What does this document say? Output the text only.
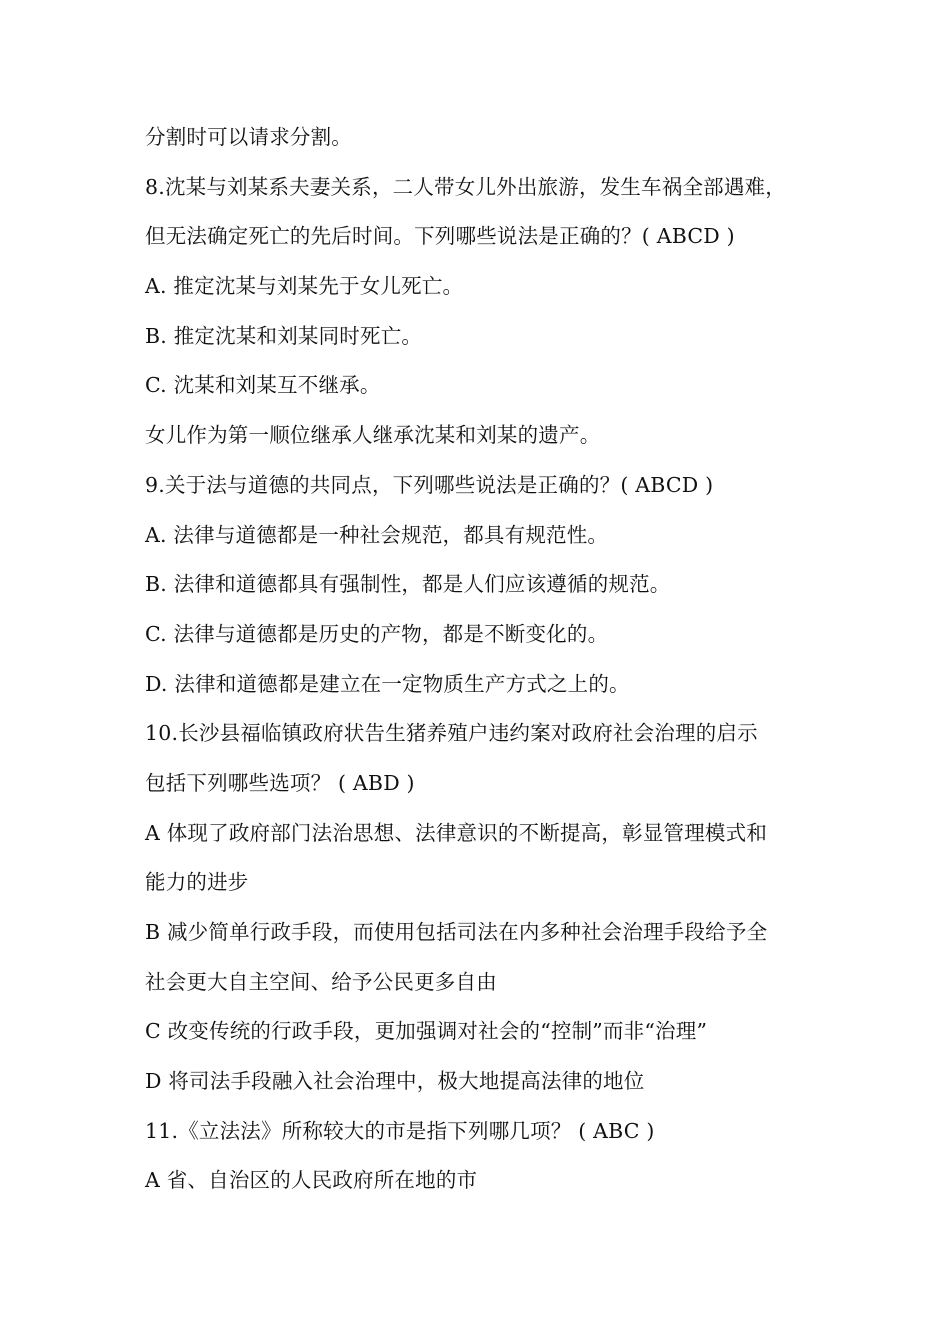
分割时可以请求分割。
8.沈某与刘某系夫妻关系，二人带女儿外出旅游，发生车祸全部遇难，
但无法确定死亡的先后时间。下列哪些说法是正确的？( ABCD )
A. 推定沈某与刘某先于女儿死亡。
B. 推定沈某和刘某同时死亡。
C. 沈某和刘某互不继承。
女儿作为第一顺位继承人继承沈某和刘某的遗产。
9.关于法与道德的共同点，下列哪些说法是正确的？( ABCD )
A. 法律与道德都是一种社会规范，都具有规范性。
B. 法律和道德都具有强制性，都是人们应该遵循的规范。
C. 法律与道德都是历史的产物，都是不断变化的。
D. 法律和道德都是建立在一定物质生产方式之上的。
10.长沙县福临镇政府状告生猪养殖户违约案对政府社会治理的启示
包括下列哪些选项？ ( ABD )
A 体现了政府部门法治思想、法律意识的不断提高，彰显管理模式和
能力的进步
B 减少简单行政手段，而使用包括司法在内多种社会治理手段给予全
社会更大自主空间、给予公民更多自由
C 改变传统的行政手段，更加强调对社会的“控制”而非“治理”
D 将司法手段融入社会治理中，极大地提高法律的地位
11.《立法法》所称较大的市是指下列哪几项？ ( ABC )
A 省、自治区的人民政府所在地的市
